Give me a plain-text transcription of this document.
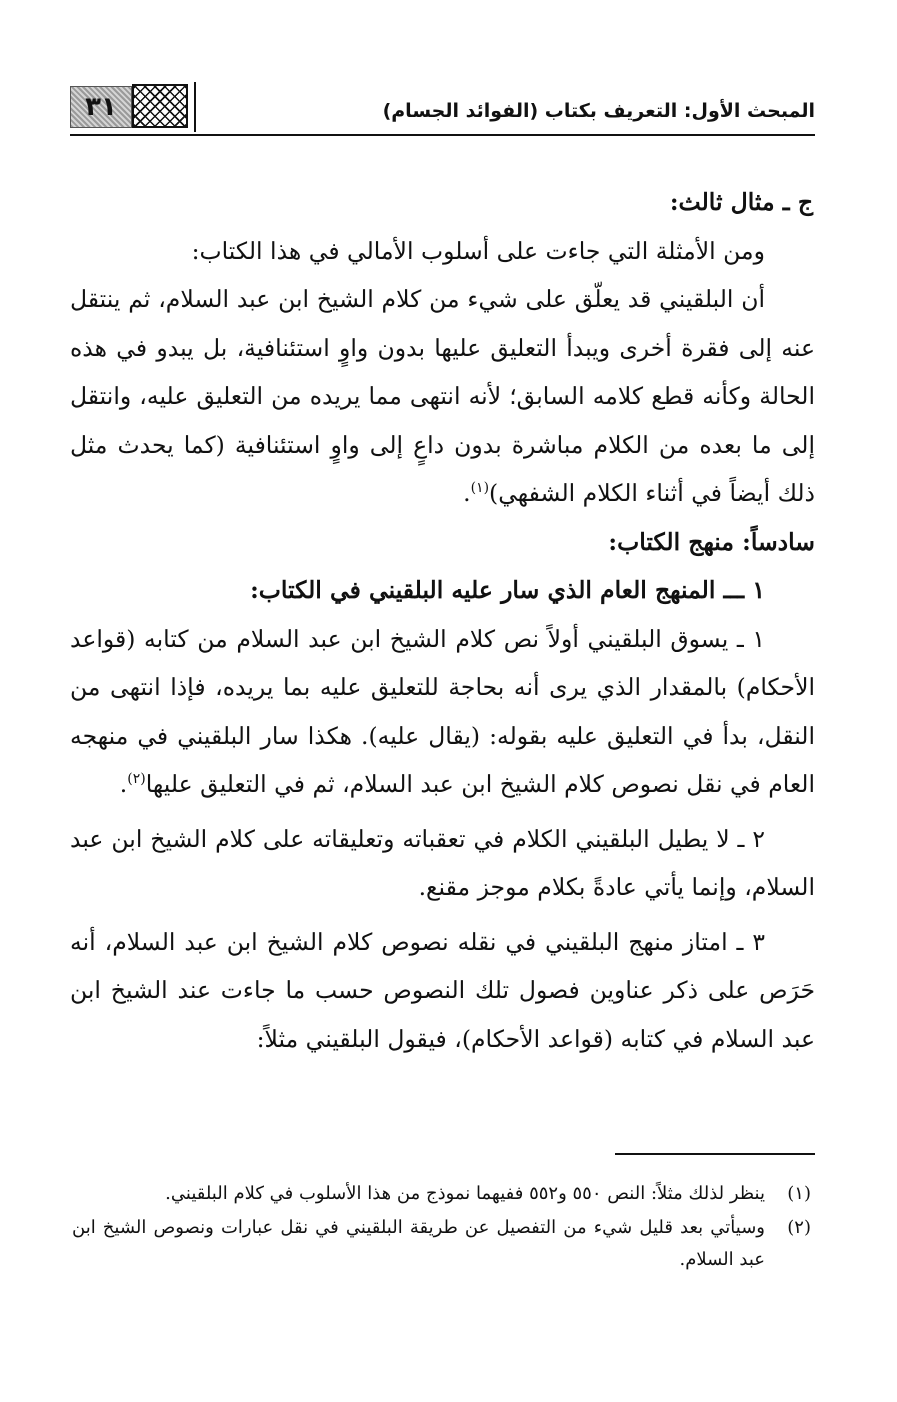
٣١	المبحث الأول: التعريف بكتاب (الفوائد الجسام)

ج ـ مثال ثالث:

ومن الأمثلة التي جاءت على أسلوب الأمالي في هذا الكتاب:

أن البلقيني قد يعلّق على شيء من كلام الشيخ ابن عبد السلام، ثم ينتقل عنه إلى فقرة أخرى ويبدأ التعليق عليها بدون واوٍ استئنافية، بل يبدو في هذه الحالة وكأنه قطع كلامه السابق؛ لأنه انتهى مما يريده من التعليق عليه، وانتقل إلى ما بعده من الكلام مباشرة بدون داعٍ إلى واوٍ استئنافية (كما يحدث مثل ذلك أيضاً في أثناء الكلام الشفهي)$^{(١)}$.

سادساً: منهج الكتاب:

١ ـــ المنهج العام الذي سار عليه البلقيني في الكتاب:

١ ـ يسوق البلقيني أولاً نص كلام الشيخ ابن عبد السلام من كتابه (قواعد الأحكام) بالمقدار الذي يرى أنه بحاجة للتعليق عليه بما يريده، فإذا انتهى من النقل، بدأ في التعليق عليه بقوله: (يقال عليه). هكذا سار البلقيني في منهجه العام في نقل نصوص كلام الشيخ ابن عبد السلام، ثم في التعليق عليها$^{(٢)}$.

٢ ـ لا يطيل البلقيني الكلام في تعقباته وتعليقاته على كلام الشيخ ابن عبد السلام، وإنما يأتي عادةً بكلام موجز مقنع.

٣ ـ امتاز منهج البلقيني في نقله نصوص كلام الشيخ ابن عبد السلام، أنه حَرَص على ذكر عناوين فصول تلك النصوص حسب ما جاءت عند الشيخ ابن عبد السلام في كتابه (قواعد الأحكام)، فيقول البلقيني مثلاً:

(١)
ينظر لذلك مثلاً: النص ٥٥٠ و٥٥٢ ففيهما نموذج من هذا الأسلوب في كلام البلقيني.
(٢)
وسيأتي بعد قليل شيء من التفصيل عن طريقة البلقيني في نقل عبارات ونصوص الشيخ ابن عبد السلام.
